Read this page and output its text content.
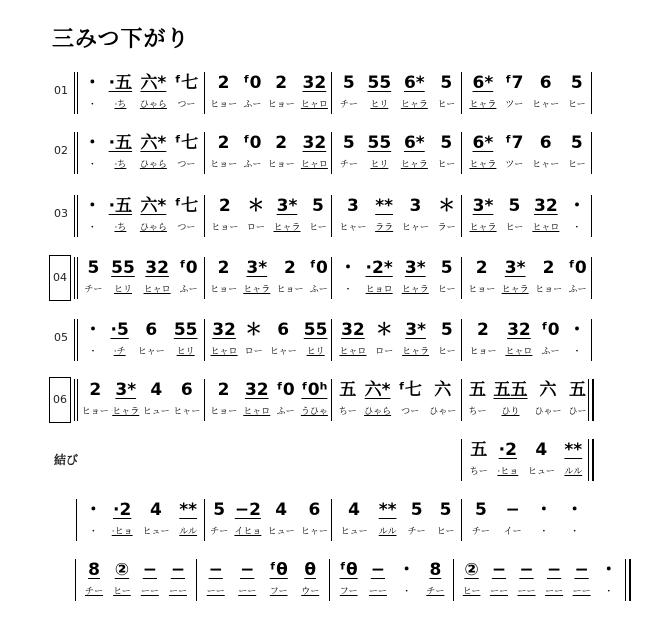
三みつ下がり
01 ・
・
·五
·ち
六*
ひゃら
ᶠ七
つー
2
ヒョー
ᶠ0
ふー
2
ヒョー
32
ヒャロ
5
チー
55
ヒリ
6*
ヒャラ
5
ヒー
6*
ヒャラ
ᶠ7
ツー
6
ヒャー
5
ヒー
02 ・
・
·五
·ち
六*
ひゃら
ᶠ七
つー
2
ヒョー
ᶠ0
ふー
2
ヒョー
32
ヒャロ
5
チー
55
ヒリ
6*
ヒャラ
5
ヒー
6*
ヒャラ
ᶠ7
ツー
6
ヒャー
5
ヒー
03 ・
・
·五
·ち
六*
ひゃら
ᶠ七
つー
2
ヒョー
＊
ロー
3*
ヒャラ
5
ヒー
3
ヒャー
**
ララ
3
ヒャー
＊
ラー
3*
ヒャラ
5
ヒー
32
ヒャロ
・
・
04 5
チー
55
ヒリ
32
ヒャロ
ᶠ0
ふー
2
ヒョー
3*
ヒャラ
2
ヒョー
ᶠ0
ふー
・
・
·2*
ヒョロ
3*
ヒャラ
5
ヒー
2
ヒョー
3*
ヒャラ
2
ヒョー
ᶠ0
ふー
05 ・
・
·5
·チ
6
ヒャー
55
ヒリ
32
ヒャロ
＊
ロー
6
ヒャー
55
ヒリ
32
ヒャロ
＊
ロー
3*
ヒャラ
5
ヒー
2
ヒョー
32
ヒャロ
ᶠ0
ふー
・
・
06 2
ヒョー
3*
ヒャラ
4
ヒュー
6
ヒャー
2
ヒョー
32
ヒャロ
ᶠ0
ふー
ᶠ0ʰ
うひゃ
五
ちー
六*
ひゃら
ᶠ七
つー
六
ひゃー
五
ちー
五五
ひり
六
ひゃー
五
ひー
結び	五
ちー
·2
·ヒョ
4
ヒュー
**
ルル
・
・
·2
·ヒョ
4
ヒュー
**
ルル
5
チー
−2
イヒョ
4
ヒュー
6
ヒャー
4
ヒュー
**
ルル
5
チー
5
ヒー
5
チー
−
イー
・
・
・
・
8
チー
②
ヒー
−
ーー
−
ーー
−
ーー
−
ーー
ᶠθ
フー
θ
ウー
ᶠθ
フー
−
ーー
・
・
8
チー
②
ヒー
−
ーー
−
ーー
−
ーー
−
ーー
・
・
